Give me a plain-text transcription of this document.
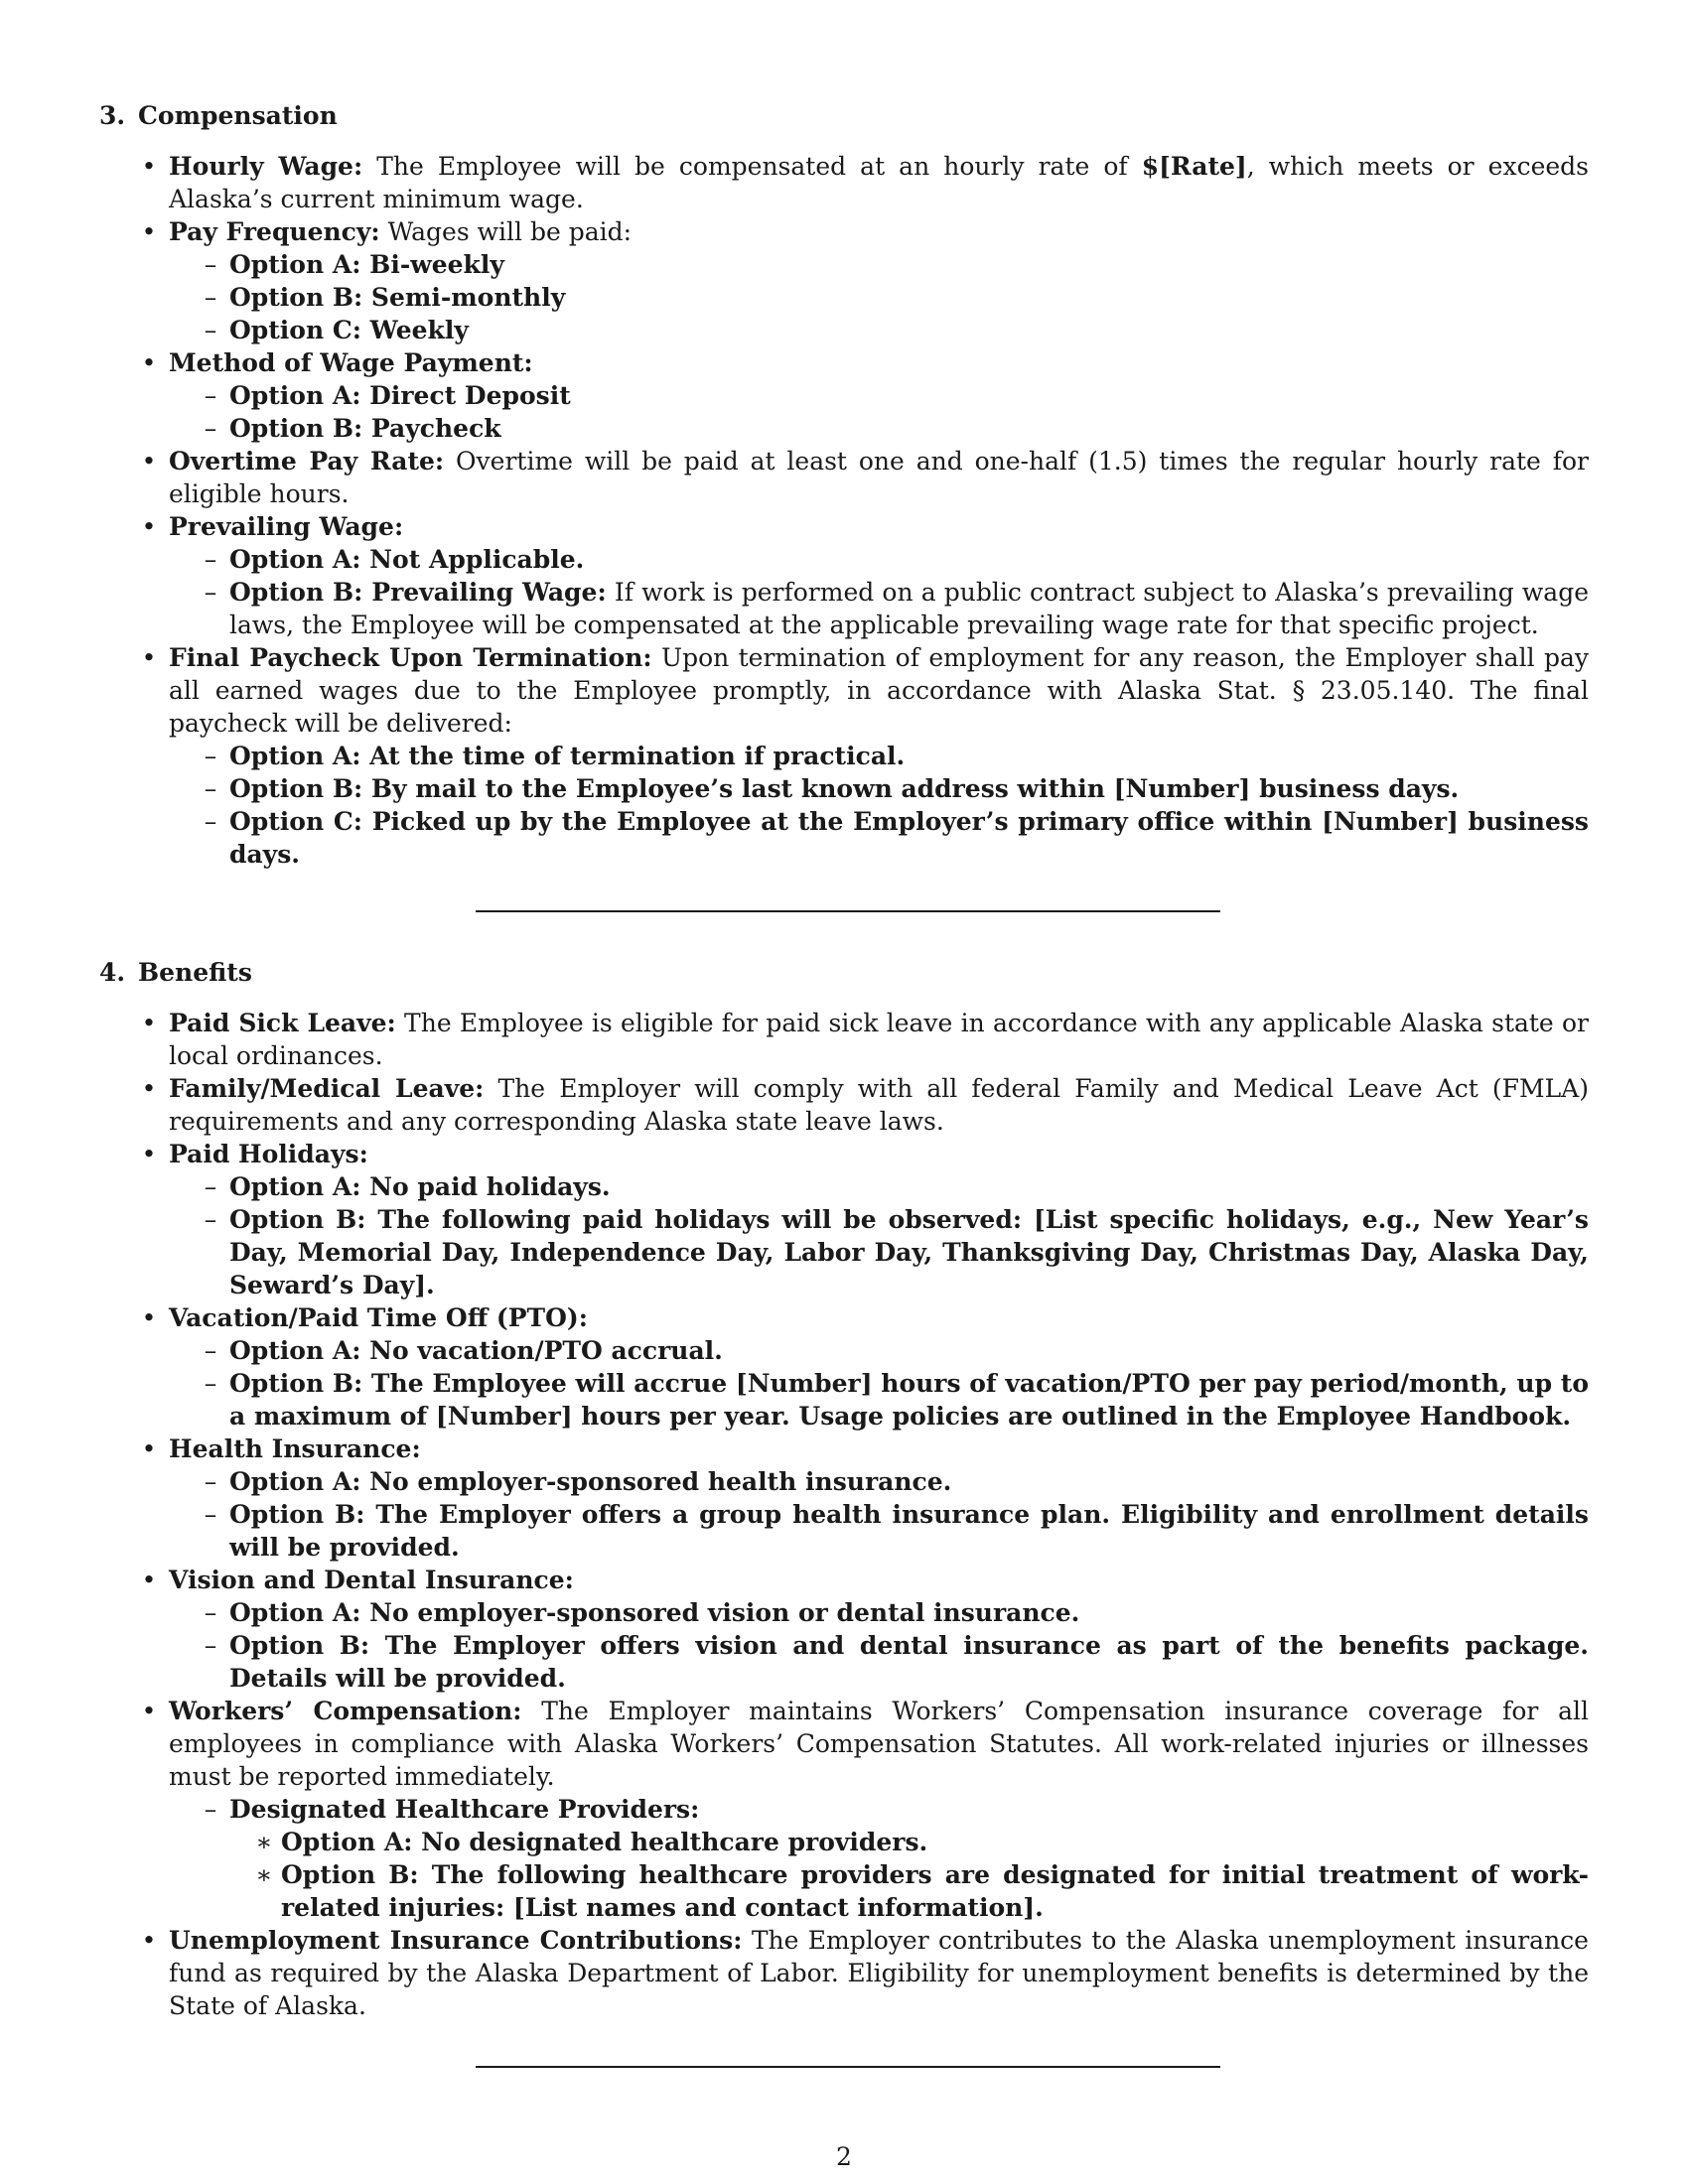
3. Compensation
• Hourly Wage: The Employee will be compensated at an hourly rate of $[Rate], which meets or exceeds Alaska’s current minimum wage.
• Pay Frequency: Wages will be paid:
– Option A: Bi-weekly
– Option B: Semi-monthly
– Option C: Weekly
• Method of Wage Payment:
– Option A: Direct Deposit
– Option B: Paycheck
• Overtime Pay Rate: Overtime will be paid at least one and one-half (1.5) times the regular hourly rate for eligible hours.
• Prevailing Wage:
– Option A: Not Applicable.
– Option B: Prevailing Wage: If work is performed on a public contract subject to Alaska’s prevailing wage laws, the Employee will be compensated at the applicable prevailing wage rate for that specific project.
• Final Paycheck Upon Termination: Upon termination of employment for any reason, the Employer shall pay all earned wages due to the Employee promptly, in accordance with Alaska Stat. § 23.05.140. The final paycheck will be delivered:
– Option A: At the time of termination if practical.
– Option B: By mail to the Employee’s last known address within [Number] business days.
– Option C: Picked up by the Employee at the Employer’s primary office within [Number] business days.
4. Benefits
• Paid Sick Leave: The Employee is eligible for paid sick leave in accordance with any applicable Alaska state or local ordinances.
• Family/Medical Leave: The Employer will comply with all federal Family and Medical Leave Act (FMLA) requirements and any corresponding Alaska state leave laws.
• Paid Holidays:
– Option A: No paid holidays.
– Option B: The following paid holidays will be observed: [List specific holidays, e.g., New Year’s Day, Memorial Day, Independence Day, Labor Day, Thanksgiving Day, Christmas Day, Alaska Day, Seward’s Day].
• Vacation/Paid Time Off (PTO):
– Option A: No vacation/PTO accrual.
– Option B: The Employee will accrue [Number] hours of vacation/PTO per pay period/month, up to a maximum of [Number] hours per year. Usage policies are outlined in the Employee Handbook.
• Health Insurance:
– Option A: No employer-sponsored health insurance.
– Option B: The Employer offers a group health insurance plan. Eligibility and enrollment details will be provided.
• Vision and Dental Insurance:
– Option A: No employer-sponsored vision or dental insurance.
– Option B: The Employer offers vision and dental insurance as part of the benefits package. Details will be provided.
• Workers’ Compensation: The Employer maintains Workers’ Compensation insurance coverage for all employees in compliance with Alaska Workers’ Compensation Statutes. All work-related injuries or illnesses must be reported immediately.
– Designated Healthcare Providers:
∗ Option A: No designated healthcare providers.
∗ Option B: The following healthcare providers are designated for initial treatment of work-related injuries: [List names and contact information].
• Unemployment Insurance Contributions: The Employer contributes to the Alaska unemployment insurance fund as required by the Alaska Department of Labor. Eligibility for unemployment benefits is determined by the State of Alaska.
2
